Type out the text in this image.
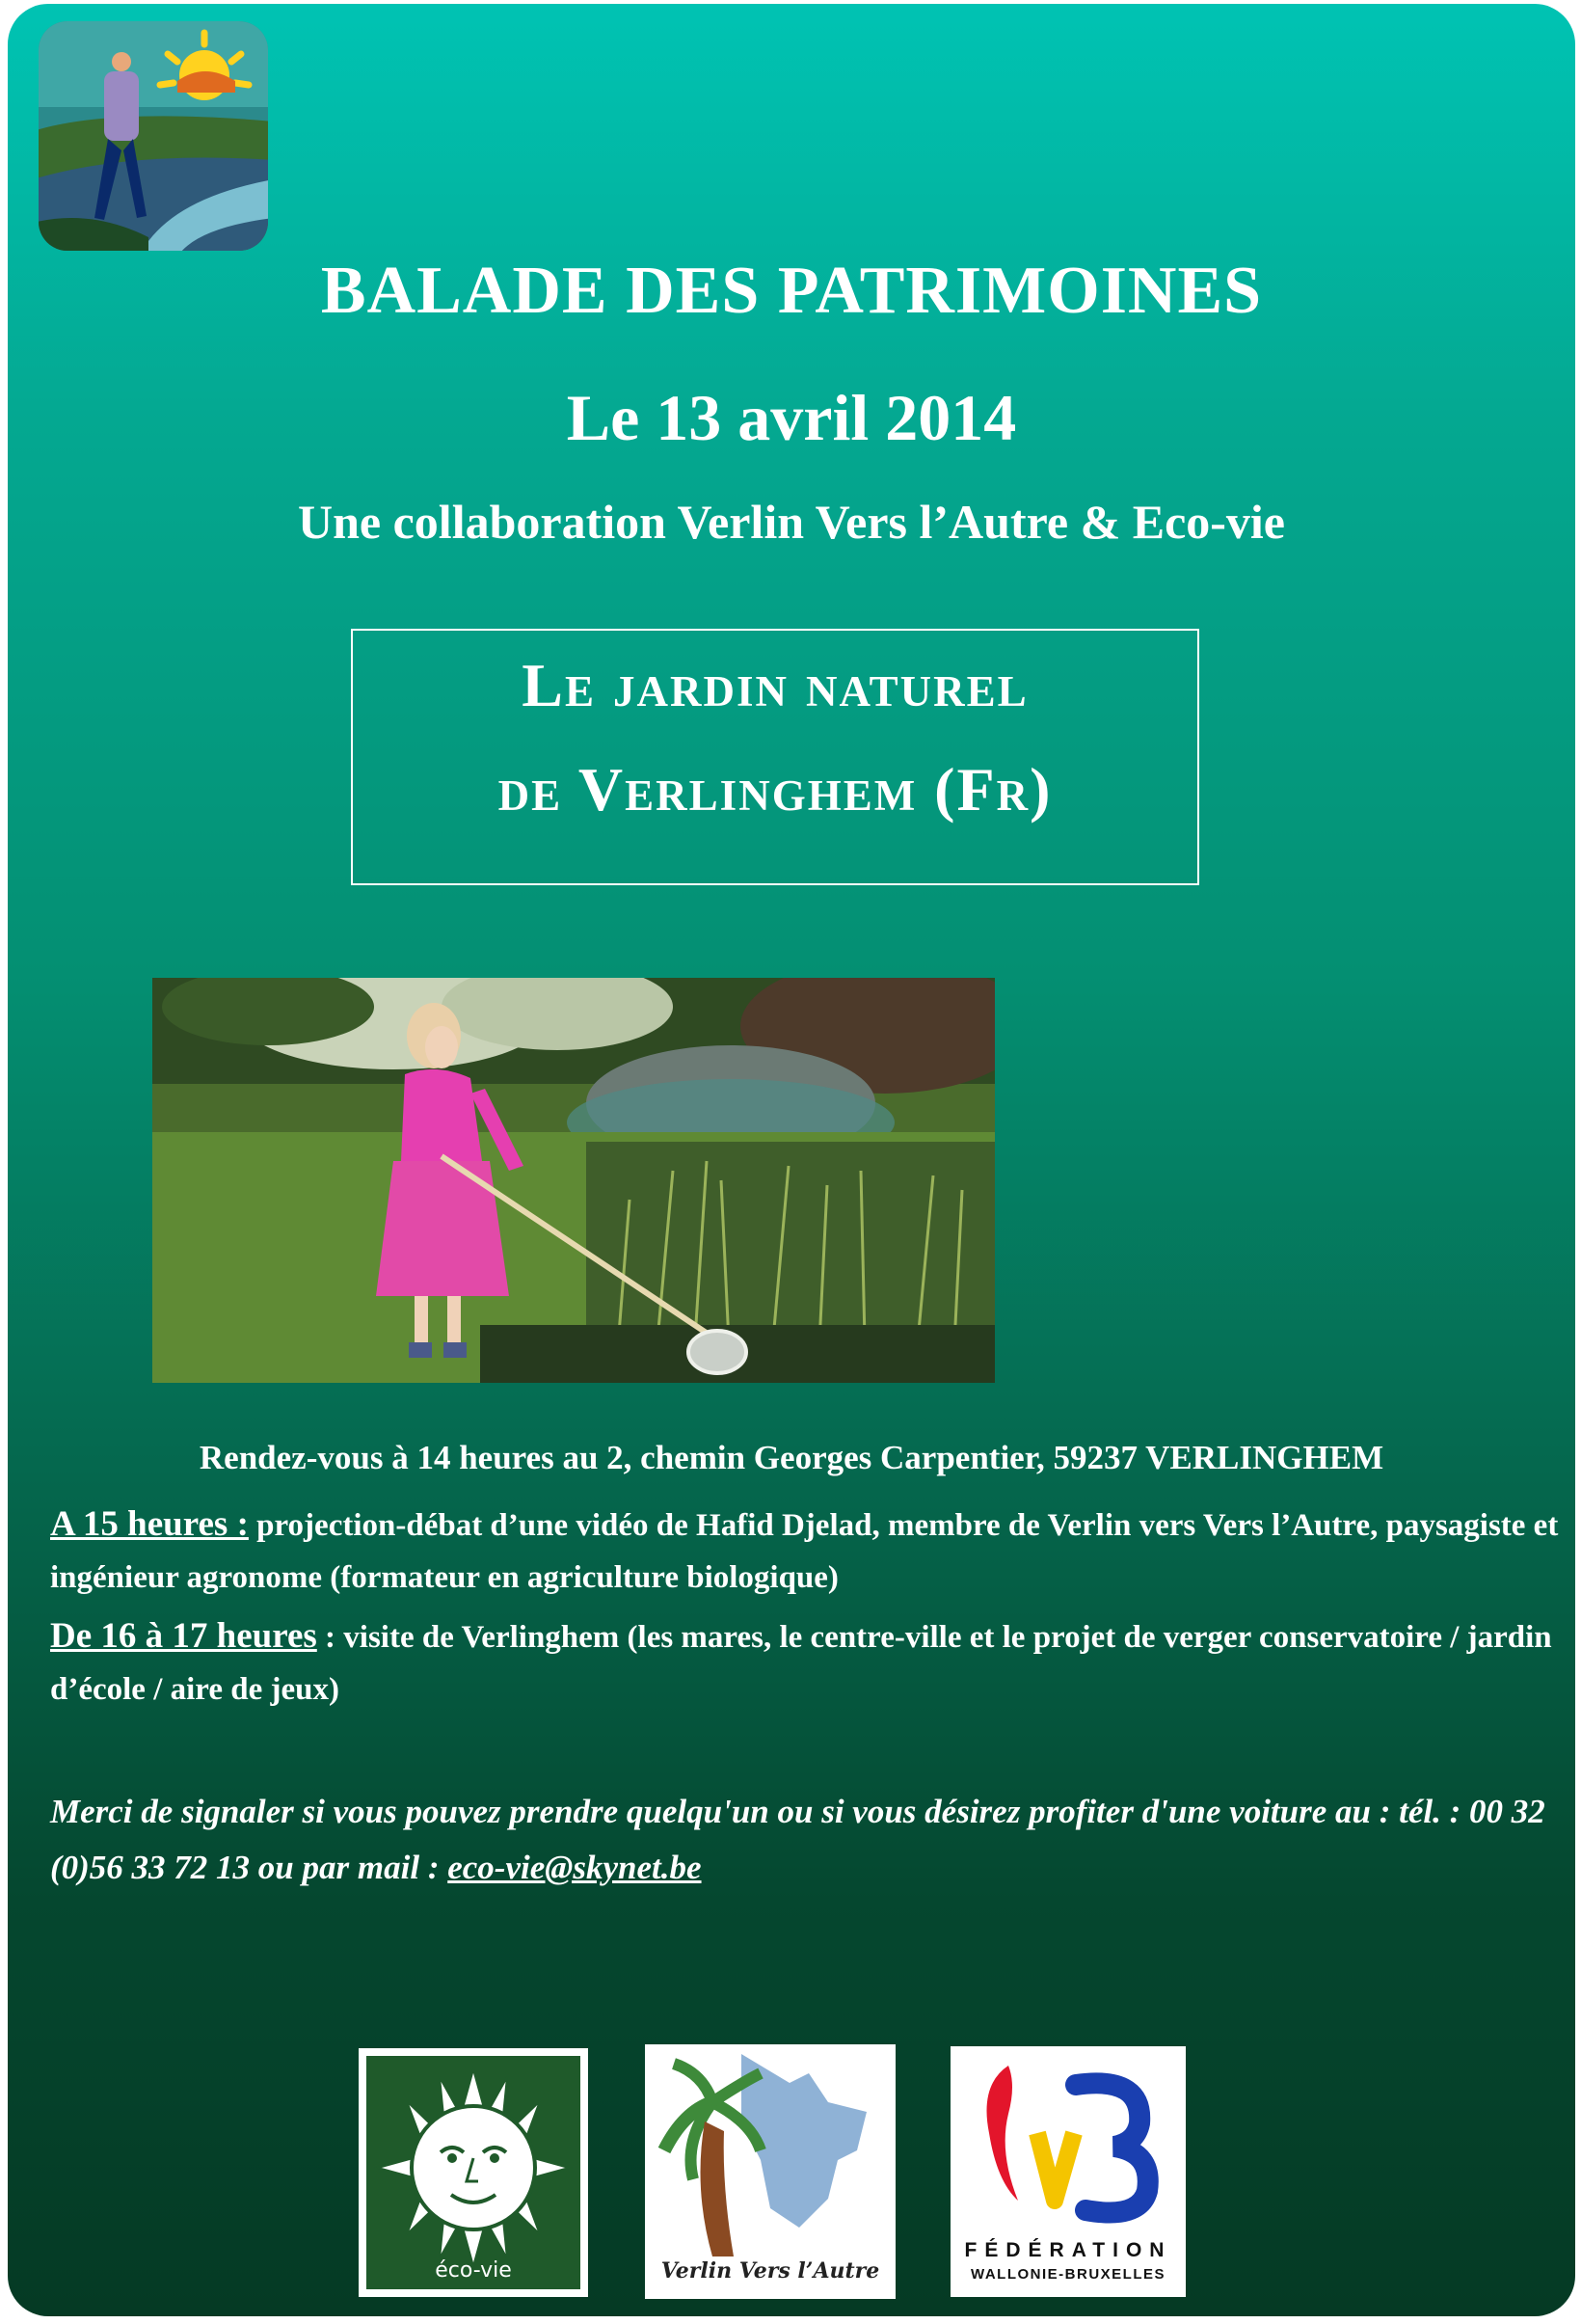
BALADE DES PATRIMOINES
Le 13 avril 2014
Une collaboration Verlin Vers l’Autre & Eco-vie
Le jardin naturel
de Verlinghem (Fr)
Rendez-vous à 14 heures au 2, chemin Georges Carpentier, 59237 VERLINGHEM
A 15 heures : projection-débat d’une vidéo de Hafid Djelad, membre de Verlin vers Vers l’Autre, paysagiste et ingénieur agronome (formateur en agriculture biologique)
De 16 à 17 heures : visite de Verlinghem (les mares, le centre-ville et le projet de verger conservatoire / jardin d’école / aire de jeux)
Merci de signaler si vous pouvez prendre quelqu'un ou si vous désirez profiter d'une voiture au : tél. : 00 32 (0)56 33 72 13 ou par mail : eco-vie@skynet.be
éco-vie	Verlin Vers l’Autre
FÉDÉRATION
WALLONIE-BRUXELLES
